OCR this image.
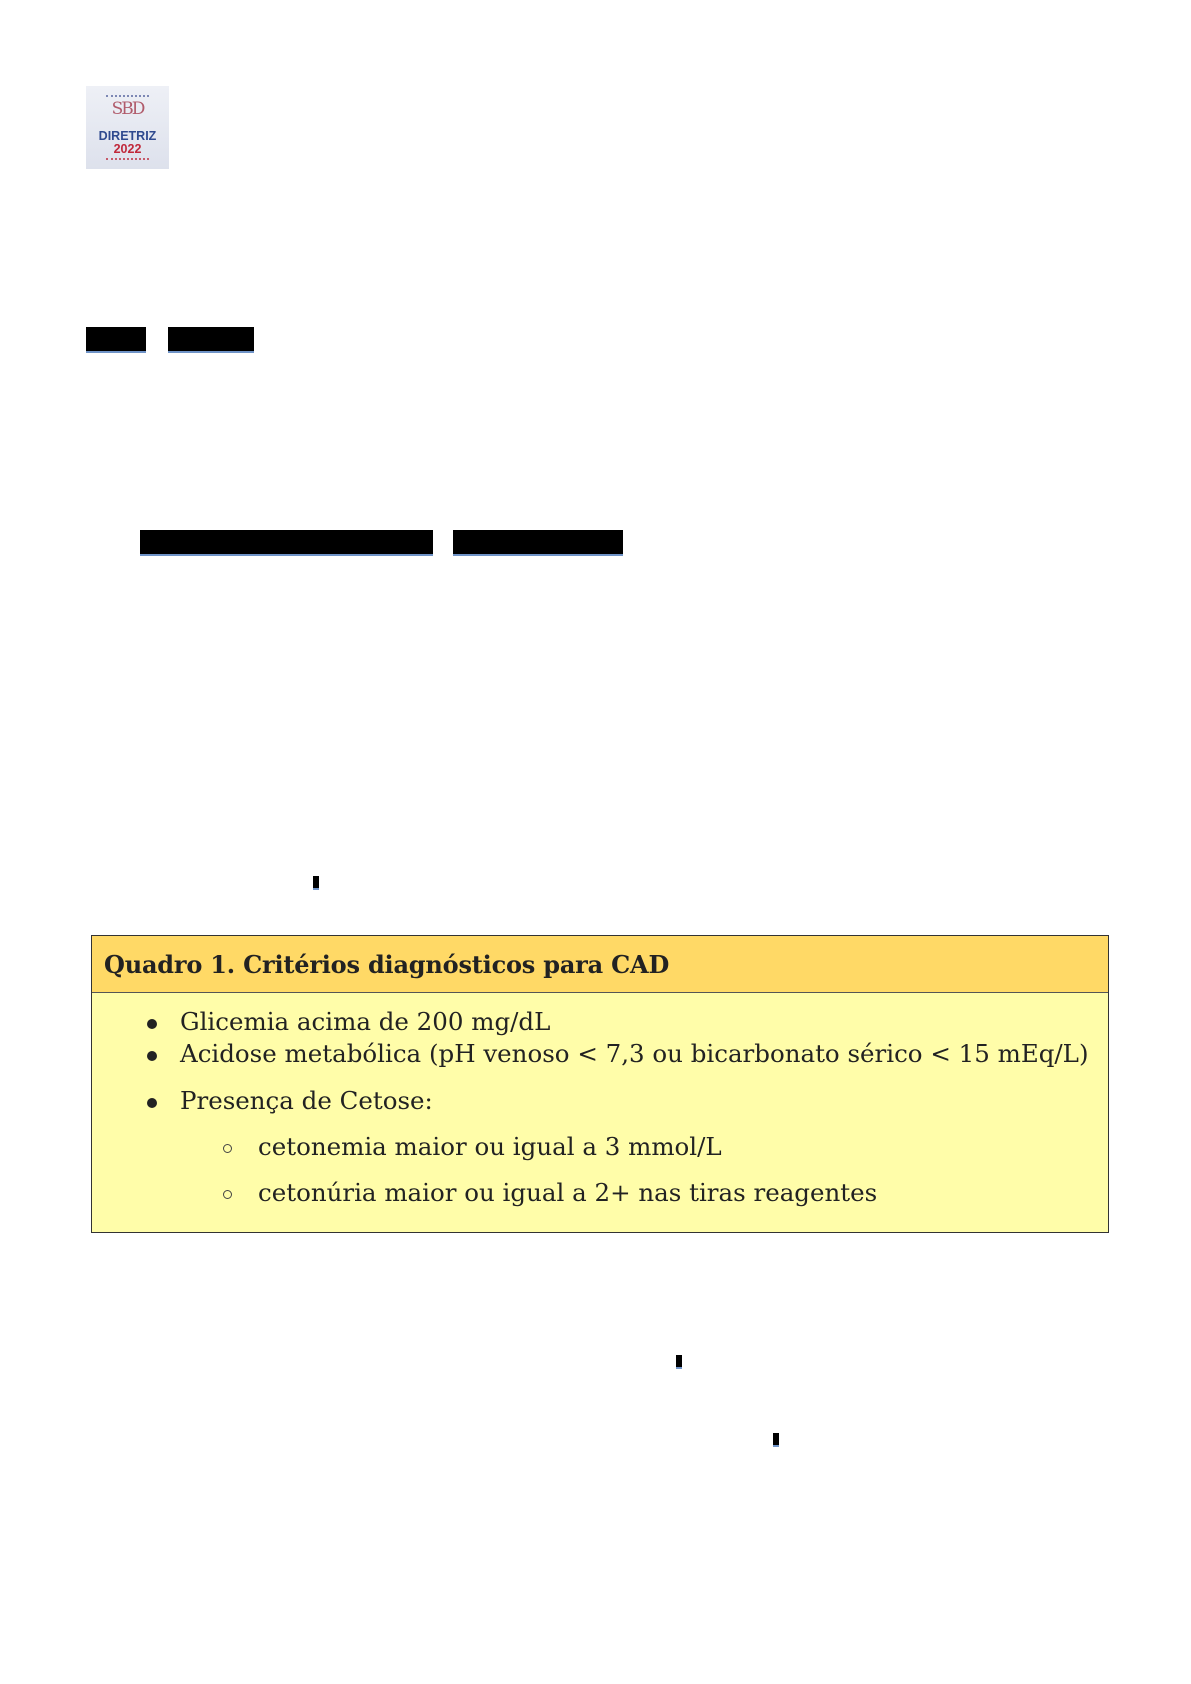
SBD
DIRETRIZ
2022
Quadro 1. Critérios diagnósticos para CAD
Glicemia acima de 200 mg/dL
Acidose metabólica (pH venoso < 7,3 ou bicarbonato sérico < 15 mEq/L)
Presença de Cetose:
cetonemia maior ou igual a 3 mmol/L
cetonúria maior ou igual a 2+ nas tiras reagentes
